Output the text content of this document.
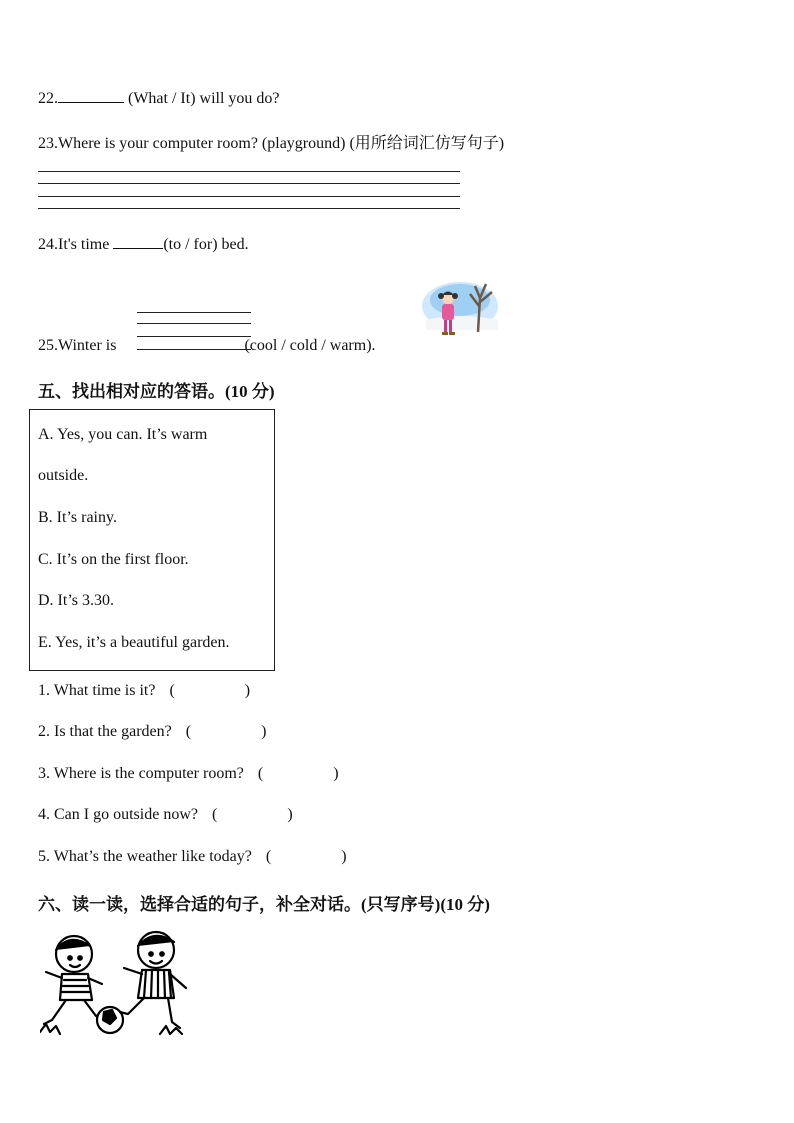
22.	(What / It) will you do?
23.Where is your computer room? (playground) (用所给词汇仿写句子)
24.It's time	(to / for) bed.
25.Winter is	(cool / cold / warm).
五、找出相对应的答语。(10 分)
A. Yes, you can. It’s warm
outside.
B. It’s rainy.
C. It’s on the first floor.
D. It’s 3.30.
E. Yes, it’s a beautiful garden.
1. What time is it? (	)
2. Is that the garden? (	)
3. Where is the computer room? (	)
4. Can I go outside now? (	)
5. What’s the weather like today? (	)
六、读一读，选择合适的句子，补全对话。(只写序号)(10 分)
